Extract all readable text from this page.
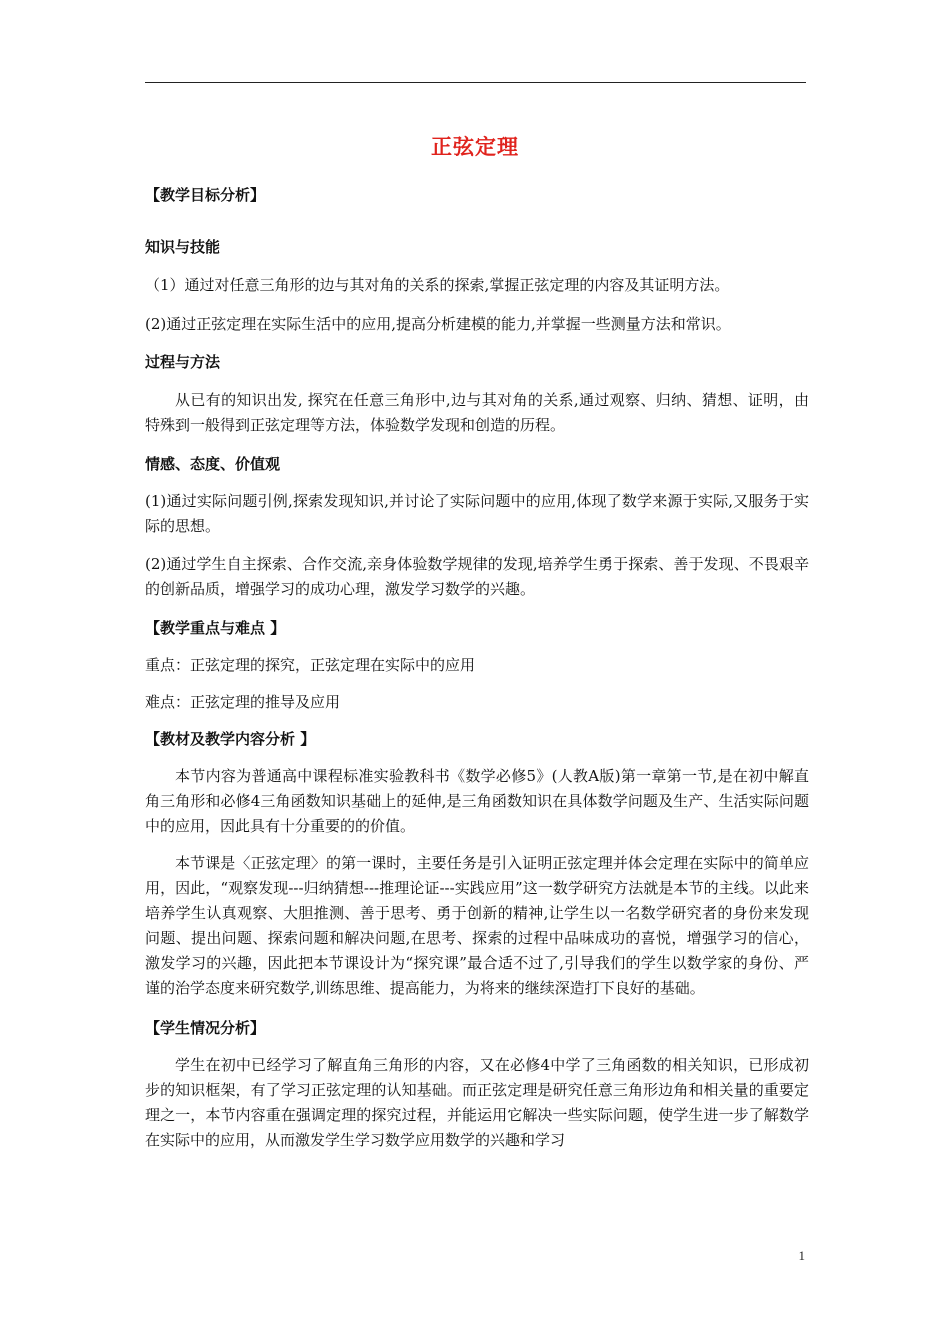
正弦定理

【教学目标分析】

知识与技能

（1）通过对任意三角形的边与其对角的关系的探索,掌握正弦定理的内容及其证明方法。

(2)通过正弦定理在实际生活中的应用,提高分析建模的能力,并掌握一些测量方法和常识。

过程与方法

从已有的知识出发, 探究在任意三角形中,边与其对角的关系,通过观察、归纳、猜想、证明，由特殊到一般得到正弦定理等方法，体验数学发现和创造的历程。

情感、态度、价值观

(1)通过实际问题引例,探索发现知识,并讨论了实际问题中的应用,体现了数学来源于实际,又服务于实际的思想。

(2)通过学生自主探索、合作交流,亲身体验数学规律的发现,培养学生勇于探索、善于发现、不畏艰辛的创新品质，增强学习的成功心理，激发学习数学的兴趣。

【教学重点与难点 】

重点：正弦定理的探究，正弦定理在实际中的应用

难点：正弦定理的推导及应用

【教材及教学内容分析 】

本节内容为普通高中课程标准实验教科书《数学必修5》(人教A版)第一章第一节,是在初中解直角三角形和必修4三角函数知识基础上的延伸,是三角函数知识在具体数学问题及生产、生活实际问题中的应用，因此具有十分重要的的价值。

本节课是〈正弦定理〉的第一课时，主要任务是引入证明正弦定理并体会定理在实际中的简单应用，因此，“观察发现---归纳猜想---推理论证---实践应用”这一数学研究方法就是本节的主线。以此来培养学生认真观察、大胆推测、善于思考、勇于创新的精神,让学生以一名数学研究者的身份来发现问题、提出问题、探索问题和解决问题,在思考、探索的过程中品味成功的喜悦，增强学习的信心，激发学习的兴趣，因此把本节课设计为“探究课”最合适不过了,引导我们的学生以数学家的身份、严谨的治学态度来研究数学,训练思维、提高能力，为将来的继续深造打下良好的基础。

【学生情况分析】

学生在初中已经学习了解直角三角形的内容，又在必修4中学了三角函数的相关知识，已形成初步的知识框架，有了学习正弦定理的认知基础。而正弦定理是研究任意三角形边角和相关量的重要定理之一，本节内容重在强调定理的探究过程，并能运用它解决一些实际问题，使学生进一步了解数学在实际中的应用，从而激发学生学习数学应用数学的兴趣和学习

1
